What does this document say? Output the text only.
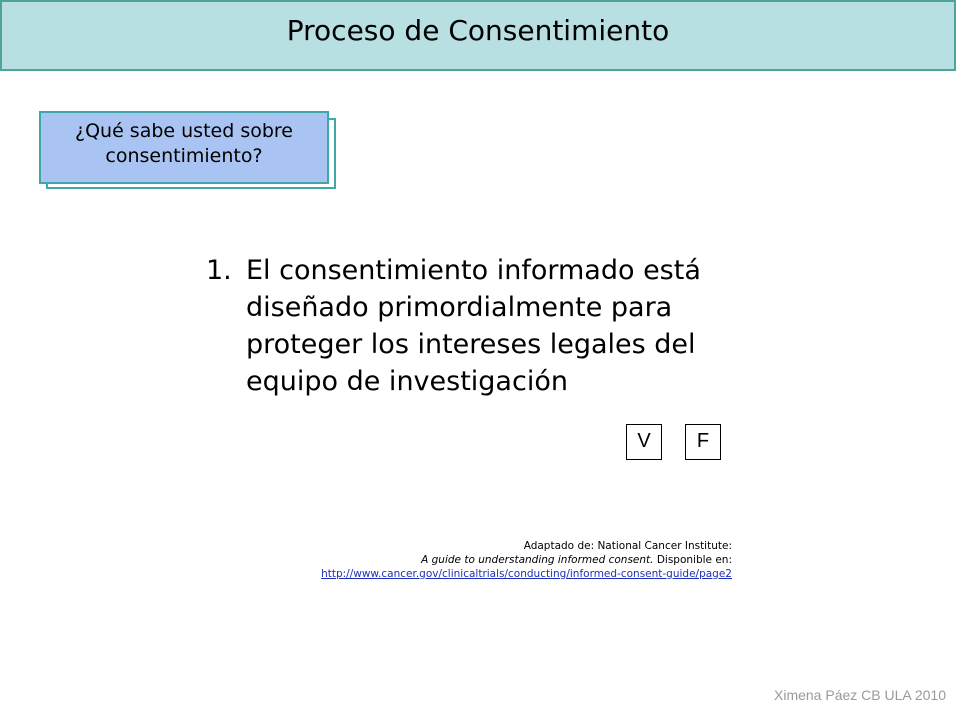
Proceso de Consentimiento
¿Qué sabe usted sobre
consentimiento?
1. El consentimiento informado está
diseñado primordialmente para
proteger los intereses legales del
equipo de investigación
V	F
Adaptado de: National Cancer Institute:
A guide to understanding informed consent. Disponible en:
http://www.cancer.gov/clinicaltrials/conducting/informed-consent-guide/page2
Ximena Páez CB ULA 2010
